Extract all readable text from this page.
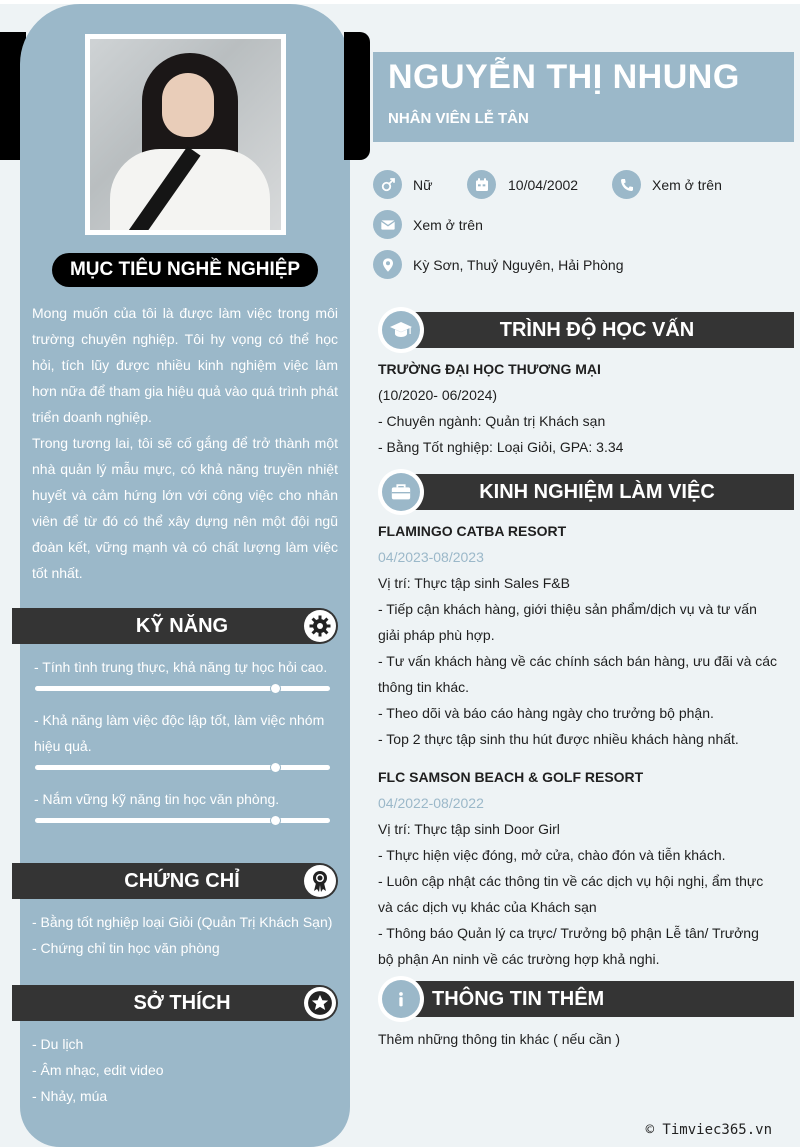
MỤC TIÊU NGHỀ NGHIỆP

Mong muốn của tôi là được làm việc trong môi trường chuyên nghiệp. Tôi hy vọng có thể học hỏi, tích lũy được nhiều kinh nghiệm việc làm hơn nữa để tham gia hiệu quả vào quá trình phát triển doanh nghiệp.

Trong tương lai, tôi sẽ cố gắng để trở thành một nhà quản lý mẫu mực, có khả năng truyền nhiệt huyết và cảm hứng lớn với công việc cho nhân viên để từ đó có thể xây dựng nên một đội ngũ đoàn kết, vững mạnh và có chất lượng làm việc tốt nhất.

KỸ NĂNG
- Tính tình trung thực, khả năng tự học hỏi cao.
- Khả năng làm việc độc lập tốt, làm việc nhóm hiệu quả.
- Nắm vững kỹ năng tin học văn phòng.
CHỨNG CHỈ
- Bằng tốt nghiệp loại Giỏi (Quản Trị Khách Sạn)
- Chứng chỉ tin học văn phòng
SỞ THÍCH
- Du lịch
- Âm nhạc, edit video
- Nhảy, múa
NGUYỄN THỊ NHUNG
NHÂN VIÊN LỄ TÂN
Nữ	10/04/2002	Xem ở trên
Xem ở trên
Kỳ Sơn, Thuỷ Nguyên, Hải Phòng
TRÌNH ĐỘ HỌC VẤN
TRƯỜNG ĐẠI HỌC THƯƠNG MẠI
(10/2020- 06/2024)
- Chuyên ngành: Quản trị Khách sạn
- Bằng Tốt nghiệp: Loại Giỏi, GPA: 3.34
KINH NGHIỆM LÀM VIỆC
FLAMINGO CATBA RESORT
04/2023-08/2023
Vị trí: Thực tập sinh Sales F&B
- Tiếp cận khách hàng, giới thiệu sản phẩm/dịch vụ và tư vấn giải pháp phù hợp.
- Tư vấn khách hàng về các chính sách bán hàng, ưu đãi và các thông tin khác.
- Theo dõi và báo cáo hàng ngày cho trưởng bộ phận.
- Top 2 thực tập sinh thu hút được nhiều khách hàng nhất.
FLC SAMSON BEACH & GOLF RESORT
04/2022-08/2022
Vị trí: Thực tập sinh Door Girl
- Thực hiện việc đóng, mở cửa, chào đón và tiễn khách.
- Luôn cập nhật các thông tin về các dịch vụ hội nghị, ẩm thực và các dịch vụ khác của Khách sạn
- Thông báo Quản lý ca trực/ Trưởng bộ phận Lễ tân/ Trưởng bộ phận An ninh về các trường hợp khả nghi.
THÔNG TIN THÊM
Thêm những thông tin khác ( nếu cần )
© Timviec365.vn
